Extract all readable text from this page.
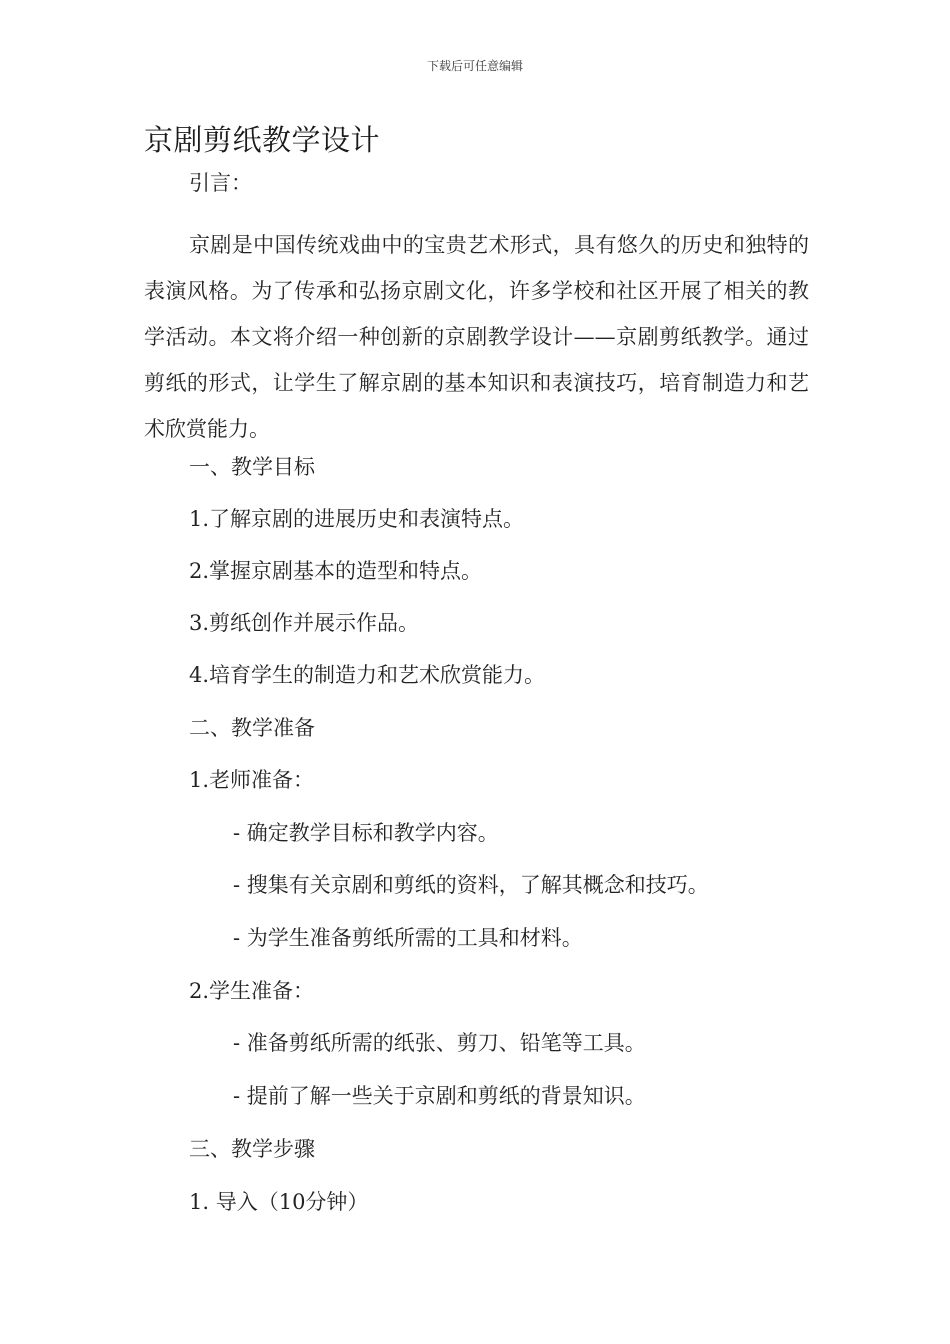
下载后可任意编辑
京剧剪纸教学设计
引言：
京剧是中国传统戏曲中的宝贵艺术形式，具有悠久的历史和独特的表演风格。为了传承和弘扬京剧文化，许多学校和社区开展了相关的教学活动。本文将介绍一种创新的京剧教学设计——京剧剪纸教学。通过剪纸的形式，让学生了解京剧的基本知识和表演技巧，培育制造力和艺术欣赏能力。
一、教学目标
1.了解京剧的进展历史和表演特点。
2.掌握京剧基本的造型和特点。
3.剪纸创作并展示作品。
4.培育学生的制造力和艺术欣赏能力。
二、教学准备
1.老师准备：
- 确定教学目标和教学内容。
- 搜集有关京剧和剪纸的资料，了解其概念和技巧。
- 为学生准备剪纸所需的工具和材料。
2.学生准备：
- 准备剪纸所需的纸张、剪刀、铅笔等工具。
- 提前了解一些关于京剧和剪纸的背景知识。
三、教学步骤
1. 导入（10分钟）
